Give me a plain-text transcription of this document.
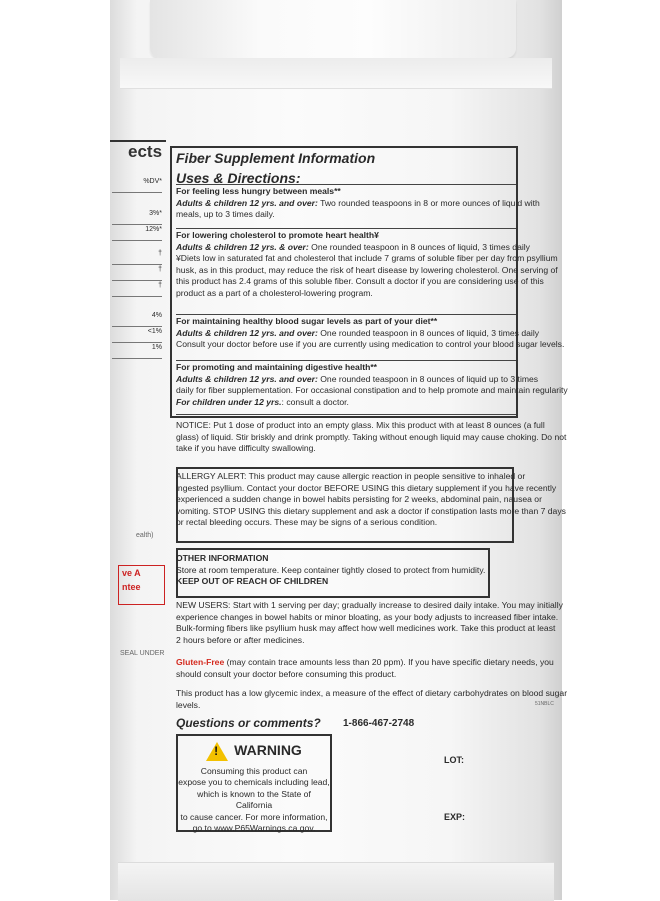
ects
%DV*
3%*
12%*
†
†
†
4%
<1%
1%
ve A
ntee
ealth)
SEAL UNDER
Fiber Supplement Information
Uses & Directions:
For feeling less hungry between meals**
Adults & children 12 yrs. and over: Two rounded teaspoons in 8 or more ounces of liquid with
meals, up to 3 times daily.
For lowering cholesterol to promote heart health¥
Adults & children 12 yrs. & over: One rounded teaspoon in 8 ounces of liquid, 3 times daily
¥Diets low in saturated fat and cholesterol that include 7 grams of soluble fiber per day from psyllium
husk, as in this product, may reduce the risk of heart disease by lowering cholesterol. One serving of
this product has 2.4 grams of this soluble fiber. Consult a doctor if you are considering use of this
product as a part of a cholesterol-lowering program.
For maintaining healthy blood sugar levels as part of your diet**
Adults & children 12 yrs. and over: One rounded teaspoon in 8 ounces of liquid, 3 times daily
Consult your doctor before use if you are currently using medication to control your blood sugar levels.
For promoting and maintaining digestive health**
Adults & children 12 yrs. and over: One rounded teaspoon in 8 ounces of liquid up to 3 times
daily for fiber supplementation. For occasional constipation and to help promote and maintain regularity
For children under 12 yrs.: consult a doctor.
NOTICE: Put 1 dose of product into an empty glass. Mix this product with at least 8 ounces (a full
glass) of liquid. Stir briskly and drink promptly. Taking without enough liquid may cause choking. Do not
take if you have difficulty swallowing.
ALLERGY ALERT: This product may cause allergic reaction in people sensitive to inhaled or
ingested psyllium. Contact your doctor BEFORE USING this dietary supplement if you have recently
experienced a sudden change in bowel habits persisting for 2 weeks, abdominal pain, nausea or
vomiting. STOP USING this dietary supplement and ask a doctor if constipation lasts more than 7 days
or rectal bleeding occurs. These may be signs of a serious condition.
OTHER INFORMATION
Store at room temperature. Keep container tightly closed to protect from humidity.
KEEP OUT OF REACH OF CHILDREN
NEW USERS: Start with 1 serving per day; gradually increase to desired daily intake. You may initially
experience changes in bowel habits or minor bloating, as your body adjusts to increased fiber intake.
Bulk-forming fibers like psyllium husk may affect how well medicines work. Take this product at least
2 hours before or after medicines.
Gluten-Free (may contain trace amounts less than 20 ppm). If you have specific dietary needs, you
should consult your doctor before consuming this product.
This product has a low glycemic index, a measure of the effect of dietary carbohydrates on blood sugar
levels.
Questions or comments? 1-866-467-2748
51NBLC
! WARNING
Consuming this product can
expose you to chemicals including lead,
which is known to the State of California
to cause cancer. For more information,
go to www.P65Warnings.ca.gov.
LOT:
EXP:
